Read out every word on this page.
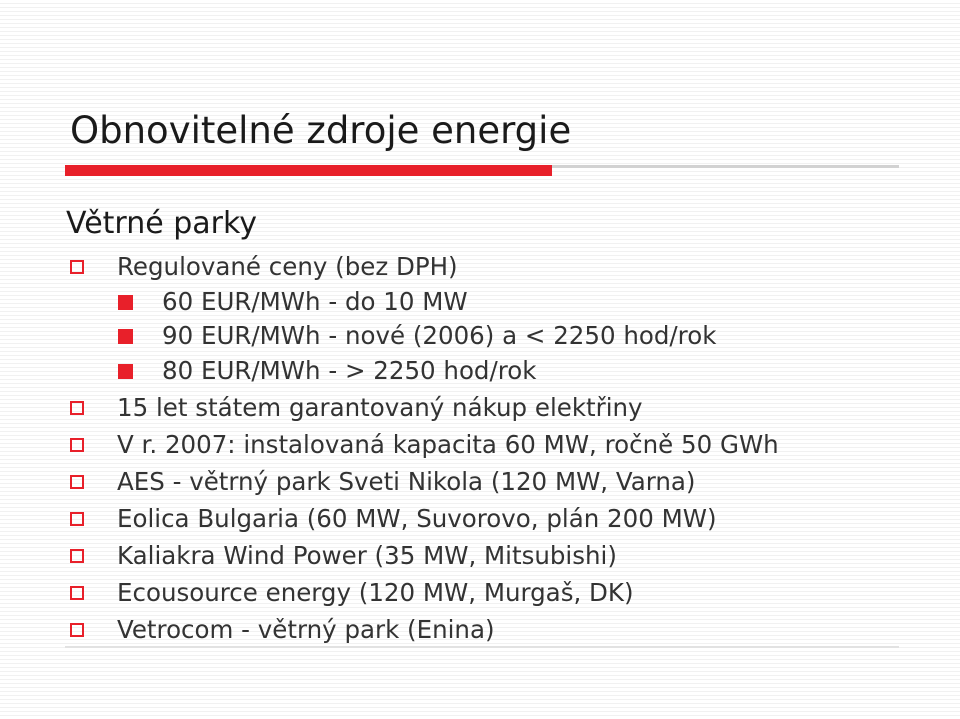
Obnovitelné zdroje energie
Větrné parky
Regulované ceny (bez DPH)
60 EUR/MWh - do 10 MW
90 EUR/MWh - nové (2006) a < 2250 hod/rok
80 EUR/MWh - > 2250 hod/rok
15 let státem garantovaný nákup elektřiny
V r. 2007: instalovaná kapacita 60 MW, ročně 50 GWh
AES - větrný park Sveti Nikola (120 MW, Varna)
Eolica Bulgaria (60 MW, Suvorovo, plán 200 MW)
Kaliakra Wind Power (35 MW, Mitsubishi)
Ecousource energy (120 MW, Murgaš, DK)
Vetrocom - větrný park (Enina)
